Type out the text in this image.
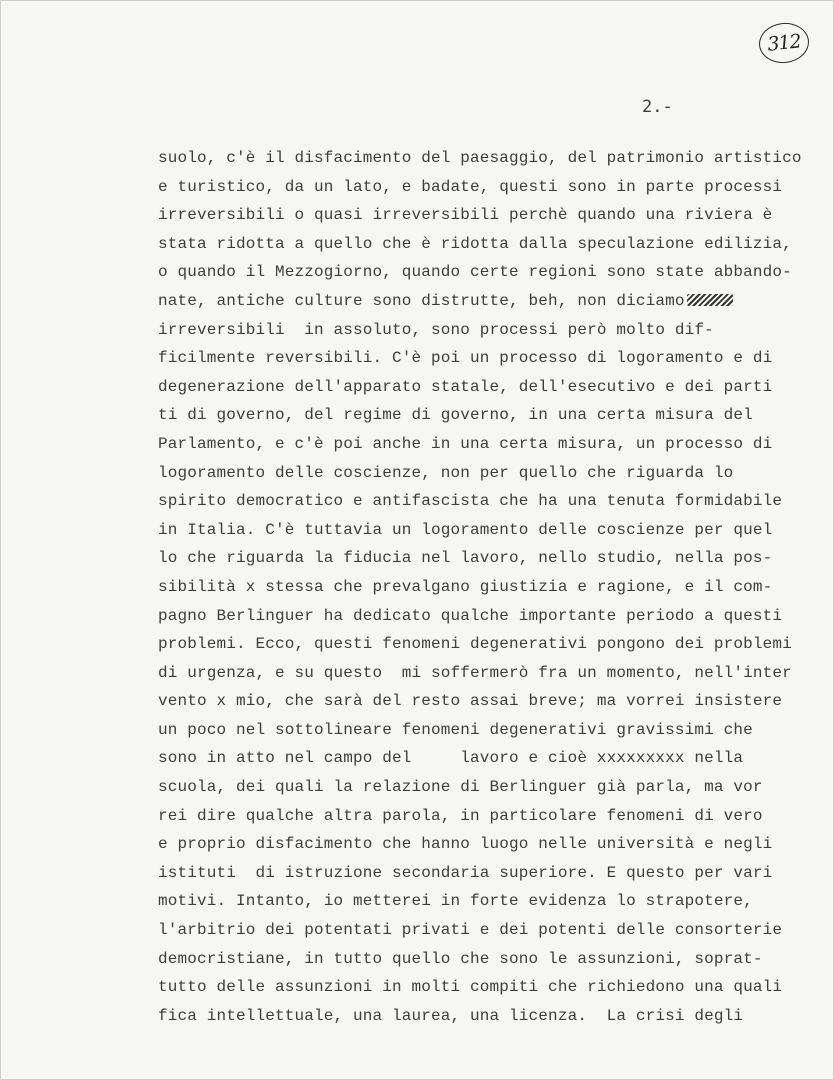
312
2.-
suolo, c'è il disfacimento del paesaggio, del patrimonio artistico
e turistico, da un lato, e badate, questi sono in parte processi
irreversibili o quasi irreversibili perchè quando una riviera è
stata ridotta a quello che è ridotta dalla speculazione edilizia,
o quando il Mezzogiorno, quando certe regioni sono state abbando-
nate, antiche culture sono distrutte, beh, non diciamo
irreversibili  in assoluto, sono processi però molto dif-
ficilmente reversibili. C'è poi un processo di logoramento e di
degenerazione dell'apparato statale, dell'esecutivo e dei parti
ti di governo, del regime di governo, in una certa misura del
Parlamento, e c'è poi anche in una certa misura, un processo di
logoramento delle coscienze, non per quello che riguarda lo
spirito democratico e antifascista che ha una tenuta formidabile
in Italia. C'è tuttavia un logoramento delle coscienze per quel
lo che riguarda la fiducia nel lavoro, nello studio, nella pos-
sibilità x stessa che prevalgano giustizia e ragione, e il com-
pagno Berlinguer ha dedicato qualche importante periodo a questi
problemi. Ecco, questi fenomeni degenerativi pongono dei problemi
di urgenza, e su questo  mi soffermerò fra un momento, nell'inter
vento x mio, che sarà del resto assai breve; ma vorrei insistere
un poco nel sottolineare fenomeni degenerativi gravissimi che
sono in atto nel campo del     lavoro e cioè xxxxxxxxx nella
scuola, dei quali la relazione di Berlinguer già parla, ma vor
rei dire qualche altra parola, in particolare fenomeni di vero
e proprio disfacimento che hanno luogo nelle università e negli
istituti  di istruzione secondaria superiore. E questo per vari
motivi. Intanto, io metterei in forte evidenza lo strapotere,
l'arbitrio dei potentati privati e dei potenti delle consorterie
democristiane, in tutto quello che sono le assunzioni, soprat-
tutto delle assunzioni in molti compiti che richiedono una quali
fica intellettuale, una laurea, una licenza.  La crisi degli
